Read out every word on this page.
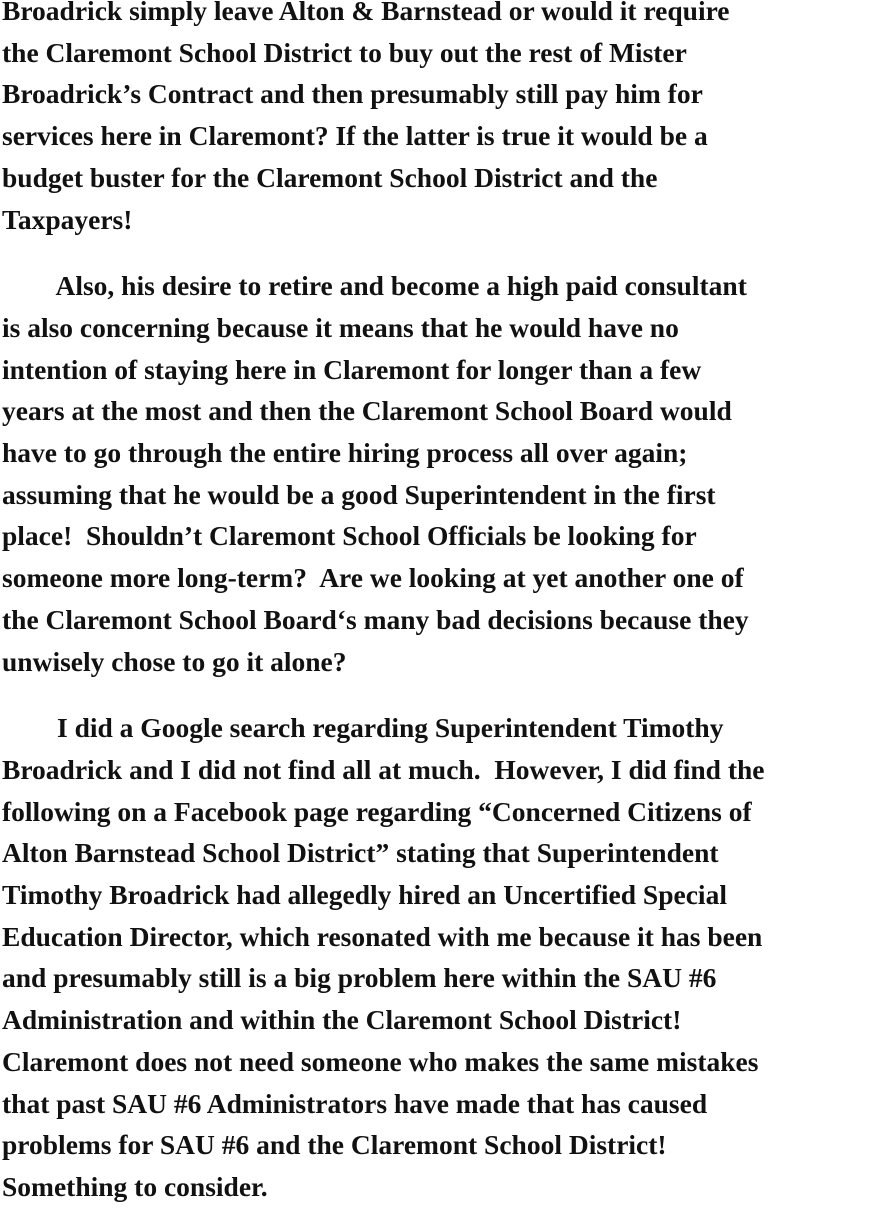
Broadrick simply leave Alton & Barnstead or would it require
the Claremont School District to buy out the rest of Mister
Broadrick’s Contract and then presumably still pay him for
services here in Claremont? If the latter is true it would be a
budget buster for the Claremont School District and the
Taxpayers!
Also, his desire to retire and become a high paid consultant
is also concerning because it means that he would have no
intention of staying here in Claremont for longer than a few
years at the most and then the Claremont School Board would
have to go through the entire hiring process all over again;
assuming that he would be a good Superintendent in the first
place!  Shouldn’t Claremont School Officials be looking for
someone more long-term?  Are we looking at yet another one of
the Claremont School Board‘s many bad decisions because they
unwisely chose to go it alone?
I did a Google search regarding Superintendent Timothy
Broadrick and I did not find all at much.  However, I did find the
following on a Facebook page regarding “Concerned Citizens of
Alton Barnstead School District” stating that Superintendent
Timothy Broadrick had allegedly hired an Uncertified Special
Education Director, which resonated with me because it has been
and presumably still is a big problem here within the SAU #6
Administration and within the Claremont School District!
Claremont does not need someone who makes the same mistakes
that past SAU #6 Administrators have made that has caused
problems for SAU #6 and the Claremont School District!
Something to consider.
